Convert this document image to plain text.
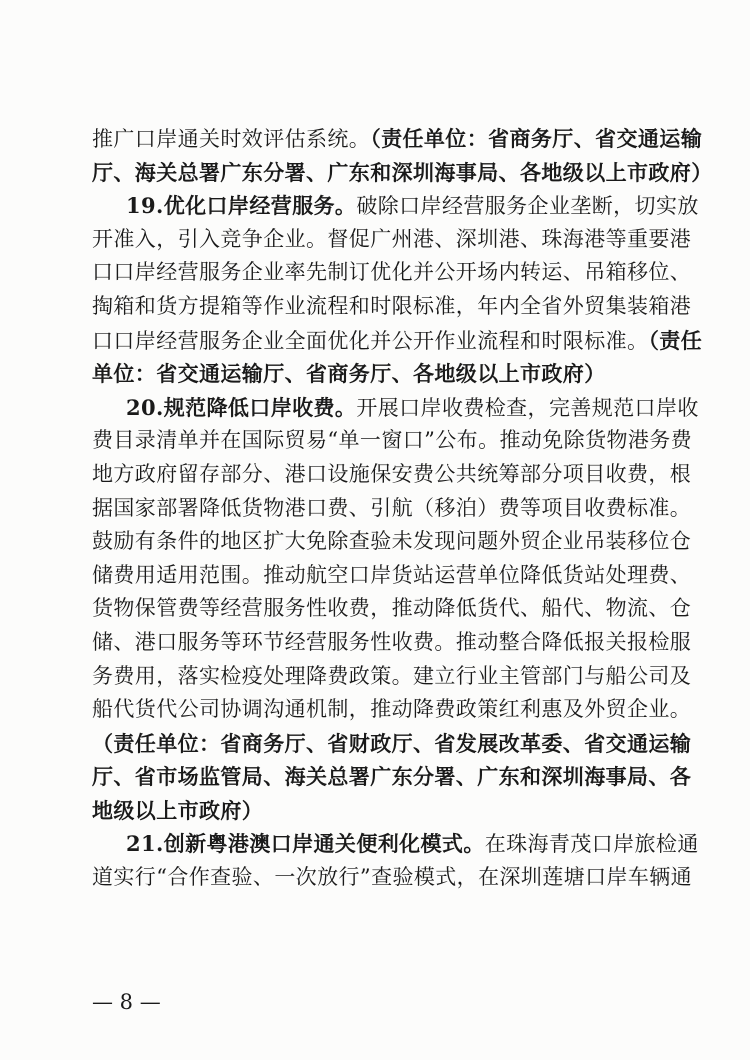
推广口岸通关时效评估系统。（责任单位：省商务厅、省交通运输
厅、海关总署广东分署、广东和深圳海事局、各地级以上市政府）
19.优化口岸经营服务。破除口岸经营服务企业垄断，切实放
开准入，引入竞争企业。督促广州港、深圳港、珠海港等重要港
口口岸经营服务企业率先制订优化并公开场内转运、吊箱移位、
掏箱和货方提箱等作业流程和时限标准，年内全省外贸集装箱港
口口岸经营服务企业全面优化并公开作业流程和时限标准。（责任
单位：省交通运输厅、省商务厅、各地级以上市政府）
20.规范降低口岸收费。开展口岸收费检查，完善规范口岸收
费目录清单并在国际贸易“单一窗口”公布。推动免除货物港务费
地方政府留存部分、港口设施保安费公共统筹部分项目收费，根
据国家部署降低货物港口费、引航（移泊）费等项目收费标准。
鼓励有条件的地区扩大免除查验未发现问题外贸企业吊装移位仓
储费用适用范围。推动航空口岸货站运营单位降低货站处理费、
货物保管费等经营服务性收费，推动降低货代、船代、物流、仓
储、港口服务等环节经营服务性收费。推动整合降低报关报检服
务费用，落实检疫处理降费政策。建立行业主管部门与船公司及
船代货代公司协调沟通机制，推动降费政策红利惠及外贸企业。
（责任单位：省商务厅、省财政厅、省发展改革委、省交通运输
厅、省市场监管局、海关总署广东分署、广东和深圳海事局、各
地级以上市政府）
21.创新粤港澳口岸通关便利化模式。在珠海青茂口岸旅检通
道实行“合作查验、一次放行”查验模式，在深圳莲塘口岸车辆通
— 8 —
